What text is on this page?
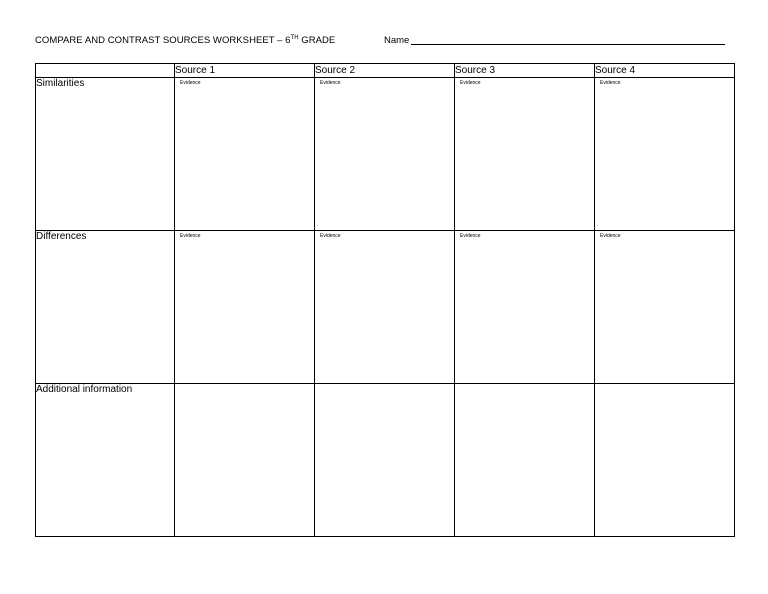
COMPARE AND CONTRAST SOURCES WORKSHEET – 6TH GRADE	Name
	Source 1	Source 2	Source 3	Source 4
Similarities	Evidence	Evidence	Evidence	Evidence

Differences	Evidence	Evidence	Evidence	Evidence

Additional information				
